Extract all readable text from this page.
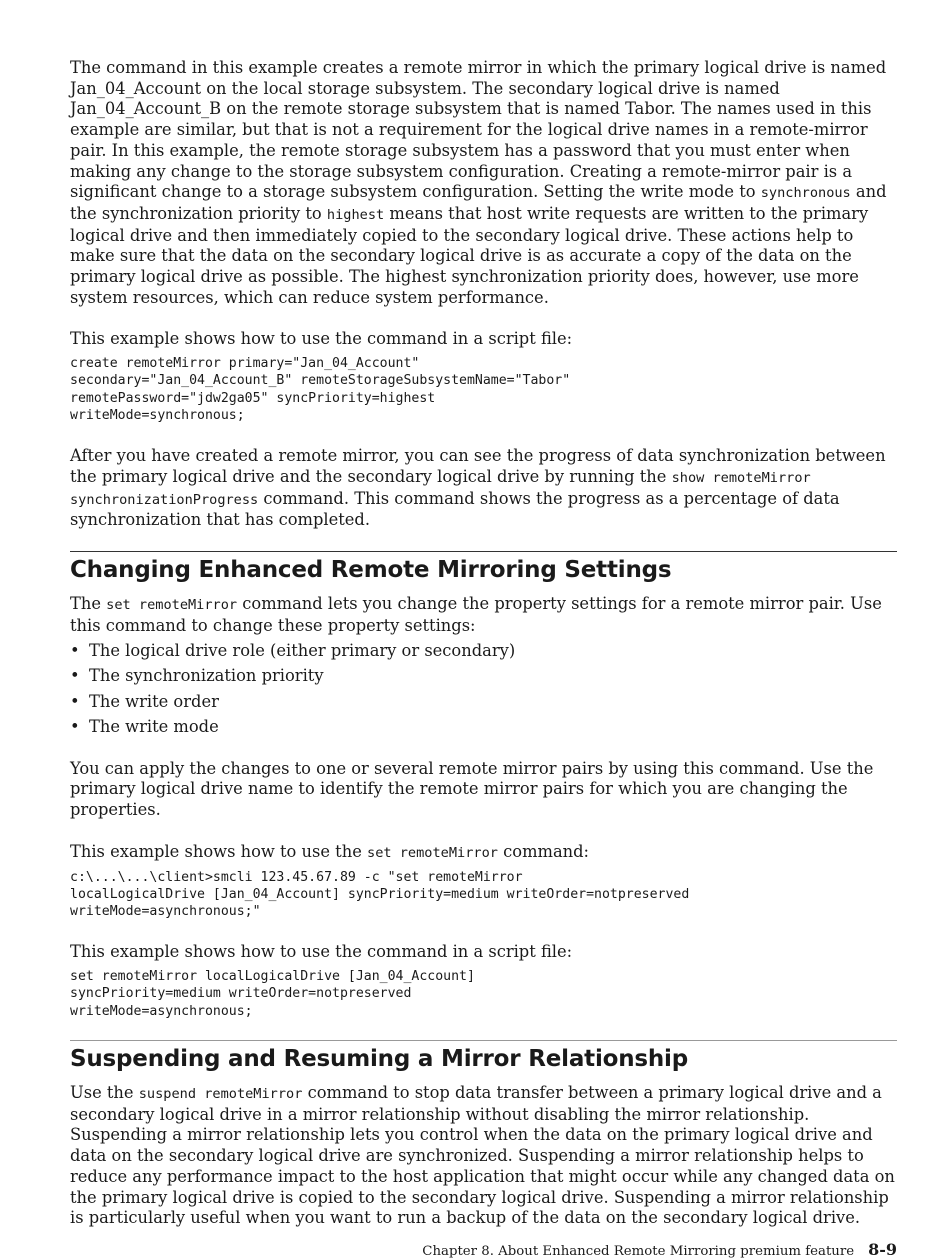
The command in this example creates a remote mirror in which the primary logical drive is named Jan_04_Account on the local storage subsystem. The secondary logical drive is named Jan_04_Account_B on the remote storage subsystem that is named Tabor. The names used in this example are similar, but that is not a requirement for the logical drive names in a remote-mirror pair. In this example, the remote storage subsystem has a password that you must enter when making any change to the storage subsystem configuration. Creating a remote-mirror pair is a significant change to a storage subsystem configuration. Setting the write mode to synchronous and the synchronization priority to highest means that host write requests are written to the primary logical drive and then immediately copied to the secondary logical drive. These actions help to make sure that the data on the secondary logical drive is as accurate a copy of the data on the primary logical drive as possible. The highest synchronization priority does, however, use more system resources, which can reduce system performance.

This example shows how to use the command in a script file:

create remoteMirror primary="Jan_04_Account"
secondary="Jan_04_Account_B" remoteStorageSubsystemName="Tabor"
remotePassword="jdw2ga05" syncPriority=highest
writeMode=synchronous;

After you have created a remote mirror, you can see the progress of data synchronization between the primary logical drive and the secondary logical drive by running the show remoteMirror synchronizationProgress command. This command shows the progress as a percentage of data synchronization that has completed.

Changing Enhanced Remote Mirroring Settings

The set remoteMirror command lets you change the property settings for a remote mirror pair. Use this command to change these property settings:

• The logical drive role (either primary or secondary)
• The synchronization priority
• The write order
• The write mode

You can apply the changes to one or several remote mirror pairs by using this command. Use the primary logical drive name to identify the remote mirror pairs for which you are changing the properties.

This example shows how to use the set remoteMirror command:

c:\...\...\client>smcli 123.45.67.89 -c "set remoteMirror
localLogicalDrive [Jan_04_Account] syncPriority=medium writeOrder=notpreserved
writeMode=asynchronous;"

This example shows how to use the command in a script file:

set remoteMirror localLogicalDrive [Jan_04_Account]
syncPriority=medium writeOrder=notpreserved
writeMode=asynchronous;
Suspending and Resuming a Mirror Relationship

Use the suspend remoteMirror command to stop data transfer between a primary logical drive and a secondary logical drive in a mirror relationship without disabling the mirror relationship. Suspending a mirror relationship lets you control when the data on the primary logical drive and data on the secondary logical drive are synchronized. Suspending a mirror relationship helps to reduce any performance impact to the host application that might occur while any changed data on the primary logical drive is copied to the secondary logical drive. Suspending a mirror relationship is particularly useful when you want to run a backup of the data on the secondary logical drive.

Chapter 8. About Enhanced Remote Mirroring premium feature 8-9
